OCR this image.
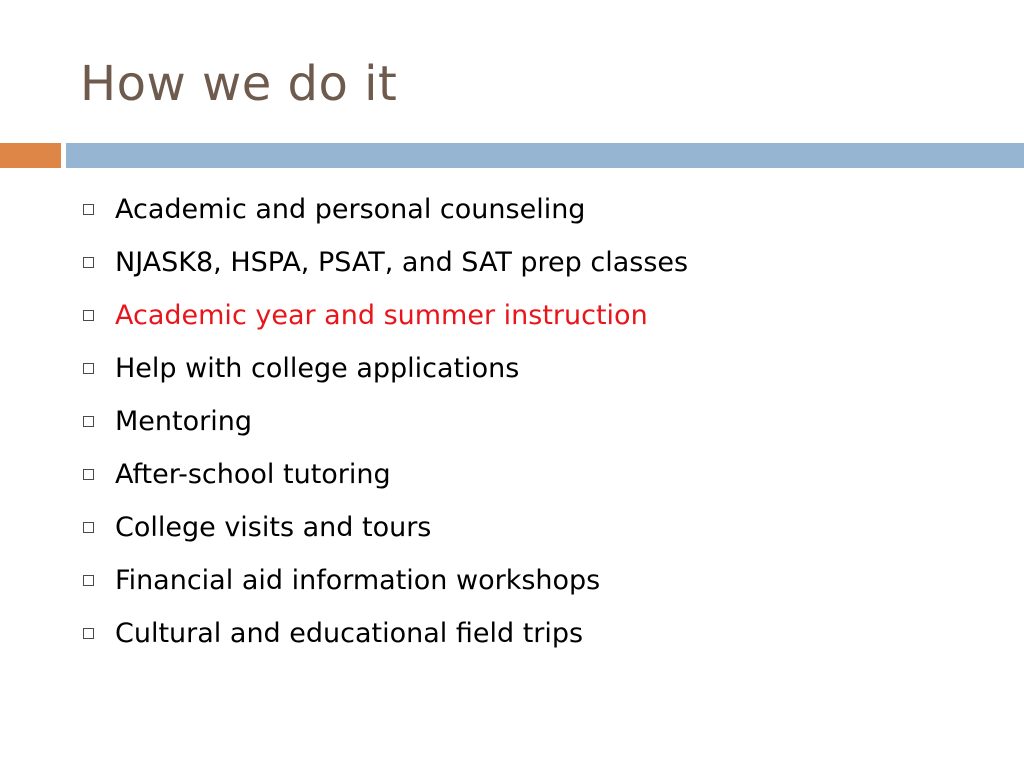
How we do it
Academic and personal counseling
NJASK8, HSPA, PSAT, and SAT prep classes
Academic year and summer instruction
Help with college applications
Mentoring
After-school tutoring
College visits and tours
Financial aid information workshops
Cultural and educational field trips
